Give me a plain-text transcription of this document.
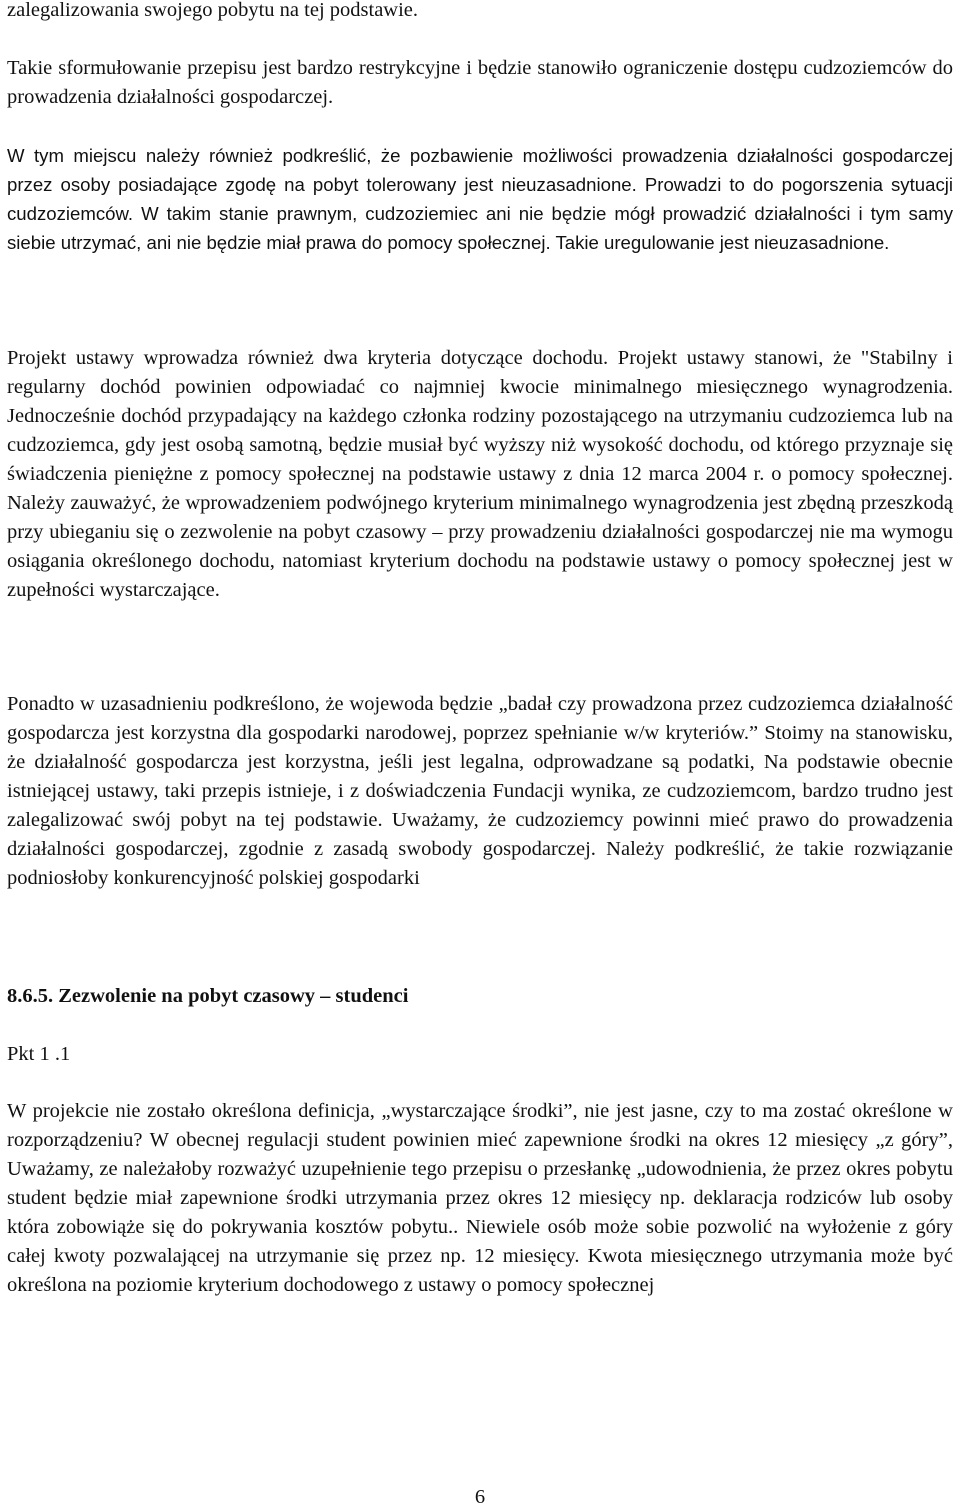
zalegalizowania swojego pobytu na tej podstawie.

Takie sformułowanie przepisu jest bardzo restrykcyjne i będzie stanowiło ograniczenie dostępu cudzoziemców do prowadzenia działalności gospodarczej.

W tym miejscu należy również podkreślić, że pozbawienie możliwości prowadzenia działalności gospodarczej przez osoby posiadające zgodę na pobyt tolerowany jest nieuzasadnione. Prowadzi to do pogorszenia sytuacji cudzoziemców. W takim stanie prawnym, cudzoziemiec ani nie będzie mógł prowadzić działalności i tym samy siebie utrzymać, ani nie będzie miał prawa do pomocy społecznej. Takie uregulowanie jest nieuzasadnione.

Projekt ustawy wprowadza również dwa kryteria dotyczące dochodu. Projekt ustawy stanowi, że "Stabilny i regularny dochód powinien odpowiadać co najmniej kwocie minimalnego miesięcznego wynagrodzenia. Jednocześnie dochód przypadający na każdego członka rodziny pozostającego na utrzymaniu cudzoziemca lub na cudzoziemca, gdy jest osobą samotną, będzie musiał być wyższy niż wysokość dochodu, od którego przyznaje się świadczenia pieniężne z pomocy społecznej na podstawie ustawy z dnia 12 marca 2004 r. o pomocy społecznej. Należy zauważyć, że wprowadzeniem podwójnego kryterium minimalnego wynagrodzenia jest zbędną przeszkodą przy ubieganiu się o zezwolenie na pobyt czasowy – przy prowadzeniu działalności gospodarczej nie ma wymogu osiągania określonego dochodu, natomiast kryterium dochodu na podstawie ustawy o pomocy społecznej jest w zupełności wystarczające.

Ponadto w uzasadnieniu podkreślono, że wojewoda będzie „badał czy prowadzona przez cudzoziemca działalność gospodarcza jest korzystna dla gospodarki narodowej, poprzez spełnianie w/w kryteriów.” Stoimy na stanowisku, że działalność gospodarcza jest korzystna, jeśli jest legalna, odprowadzane są podatki, Na podstawie obecnie istniejącej ustawy, taki przepis istnieje, i z doświadczenia Fundacji wynika, ze cudzoziemcom, bardzo trudno jest zalegalizować swój pobyt na tej podstawie. Uważamy, że cudzoziemcy powinni mieć prawo do prowadzenia działalności gospodarczej, zgodnie z zasadą swobody gospodarczej. Należy podkreślić, że takie rozwiązanie podniosłoby konkurencyjność polskiej gospodarki

8.6.5. Zezwolenie na pobyt czasowy – studenci

Pkt 1 .1

W projekcie nie zostało określona definicja, „wystarczające środki”, nie jest jasne, czy to ma zostać określone w rozporządzeniu? W obecnej regulacji student powinien mieć zapewnione środki na okres 12 miesięcy „z góry”, Uważamy, ze należałoby rozważyć uzupełnienie tego przepisu o przesłankę „udowodnienia, że przez okres pobytu student będzie miał zapewnione środki utrzymania przez okres 12 miesięcy np. deklaracja rodziców lub osoby która zobowiąże się do pokrywania kosztów pobytu.. Niewiele osób może sobie pozwolić na wyłożenie z góry całej kwoty pozwalającej na utrzymanie się przez np. 12 miesięcy. Kwota miesięcznego utrzymania może być określona na poziomie kryterium dochodowego z ustawy o pomocy społecznej

6
